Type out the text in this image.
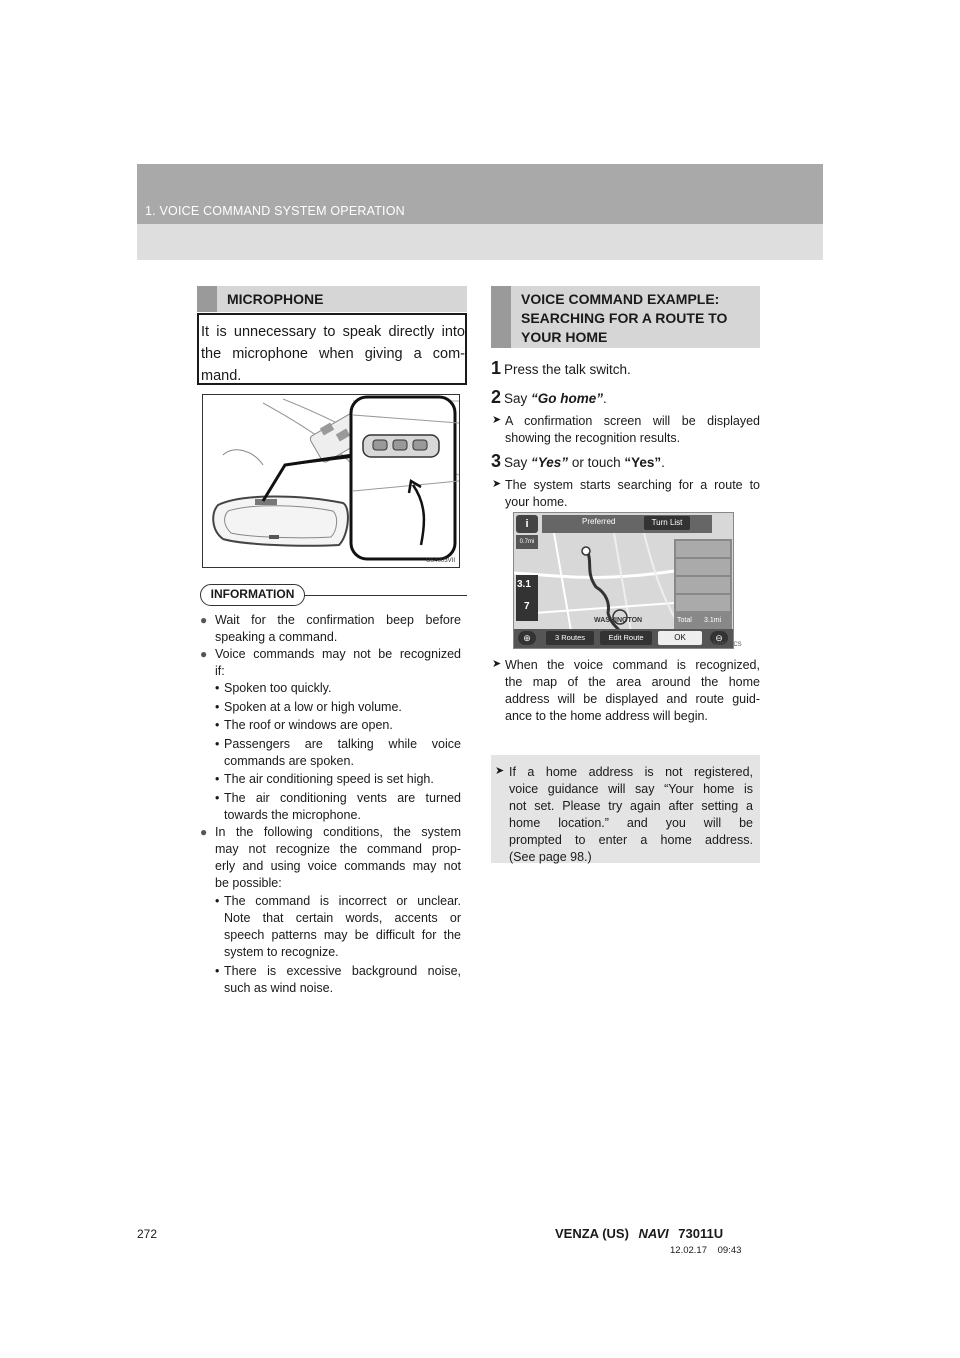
1. VOICE COMMAND SYSTEM OPERATION
MICROPHONE
It is unnecessary to speak directly into
the microphone when giving a com-
mand.
US4003VII
INFORMATION
● Wait for the confirmation beep before
speaking a command.
● Voice commands may not be recognized
if:
• Spoken too quickly.
• Spoken at a low or high volume.
• The roof or windows are open.
• Passengers are talking while voice
commands are spoken.
• The air conditioning speed is set high.
• The air conditioning vents are turned
towards the microphone.
● In the following conditions, the system
may not recognize the command prop-
erly and using voice commands may not
be possible:
• The command is incorrect or unclear.
Note that certain words, accents or
speech patterns may be difficult for the
system to recognize.
• There is excessive background noise,
such as wind noise.
VOICE COMMAND EXAMPLE:
SEARCHING FOR A ROUTE TO
YOUR HOME
1 Press the talk switch.
2 Say “Go home” .
➤ A confirmation screen will be displayed
showing the recognition results.
3 Say “Yes” or touch “Yes” .
➤ The system starts searching for a route to
your home.
i	Preferred	Turn List
0.7mi
3.1
7
Total 3.1mi
WASHINGTON
⊕	3 Routes	Edit Route	OK	⊖
US4009TCS
➤ When the voice command is recognized,
the map of the area around the home
address will be displayed and route guid-
ance to the home address will begin.
➤ If a home address is not registered,
voice guidance will say “Your home is
not set. Please try again after setting a
home location.” and you will be
prompted to enter a home address.
(See page 98.)
272	VENZA (US) NAVI 73011U
12.02.17 09:43
